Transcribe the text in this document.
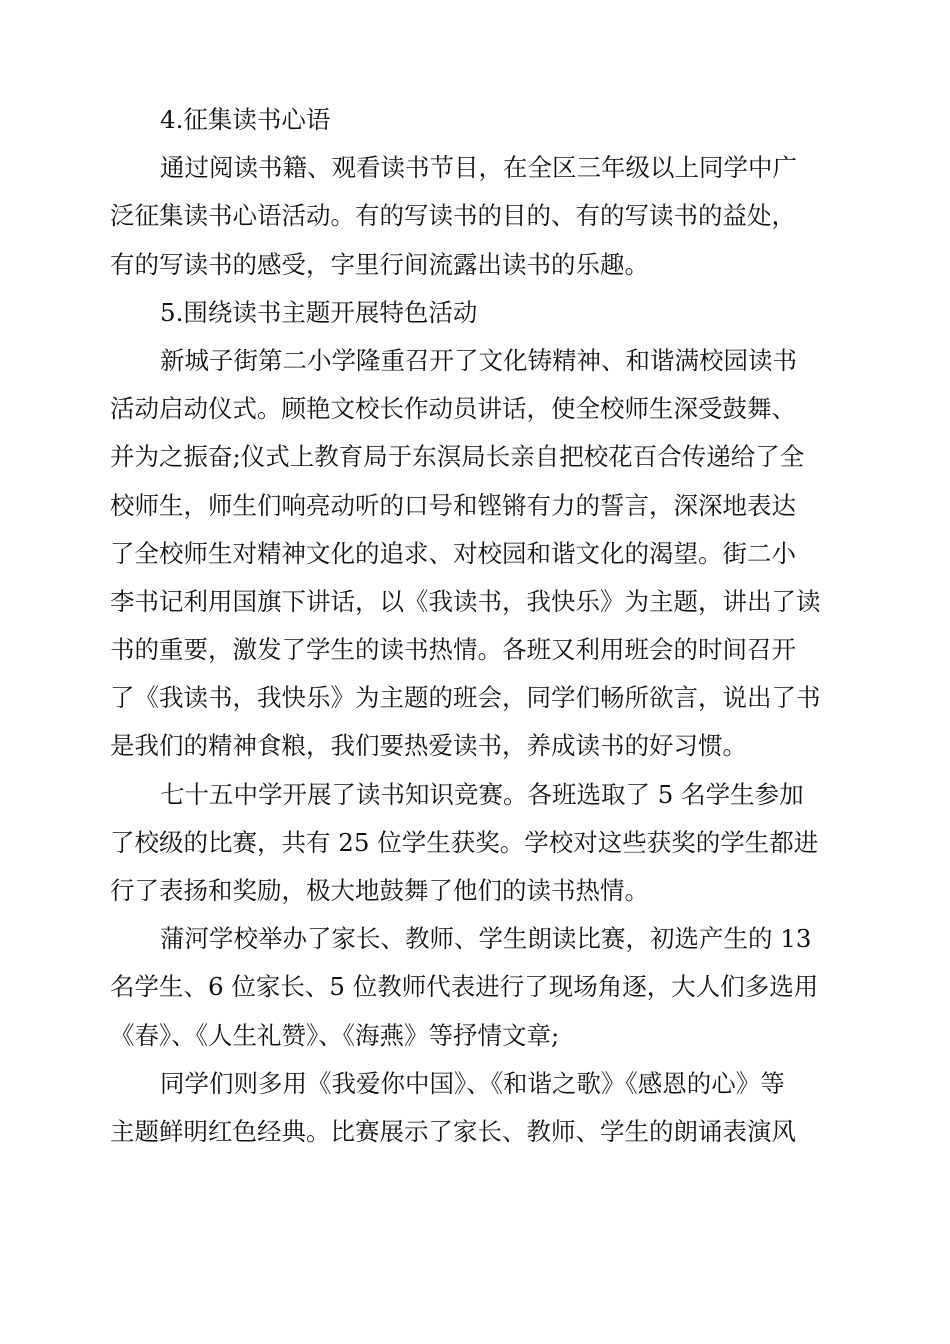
4.征集读书心语
通过阅读书籍、观看读书节目，在全区三年级以上同学中广
泛征集读书心语活动。有的写读书的目的、有的写读书的益处，
有的写读书的感受，字里行间流露出读书的乐趣。
5.围绕读书主题开展特色活动
新城子街第二小学隆重召开了文化铸精神、和谐满校园读书
活动启动仪式。顾艳文校长作动员讲话，使全校师生深受鼓舞、
并为之振奋;仪式上教育局于东溟局长亲自把校花百合传递给了全
校师生，师生们响亮动听的口号和铿锵有力的誓言，深深地表达
了全校师生对精神文化的追求、对校园和谐文化的渴望。街二小
李书记利用国旗下讲话，以《我读书，我快乐》为主题，讲出了读
书的重要，激发了学生的读书热情。各班又利用班会的时间召开
了《我读书，我快乐》为主题的班会，同学们畅所欲言，说出了书
是我们的精神食粮，我们要热爱读书，养成读书的好习惯。
七十五中学开展了读书知识竞赛。各班选取了 5 名学生参加
了校级的比赛，共有 25 位学生获奖。学校对这些获奖的学生都进
行了表扬和奖励，极大地鼓舞了他们的读书热情。
蒲河学校举办了家长、教师、学生朗读比赛，初选产生的 13
名学生、6 位家长、5 位教师代表进行了现场角逐，大人们多选用
《春》、《人生礼赞》、《海燕》等抒情文章;
同学们则多用《我爱你中国》、《和谐之歌》《感恩的心》等
主题鲜明红色经典。比赛展示了家长、教师、学生的朗诵表演风
